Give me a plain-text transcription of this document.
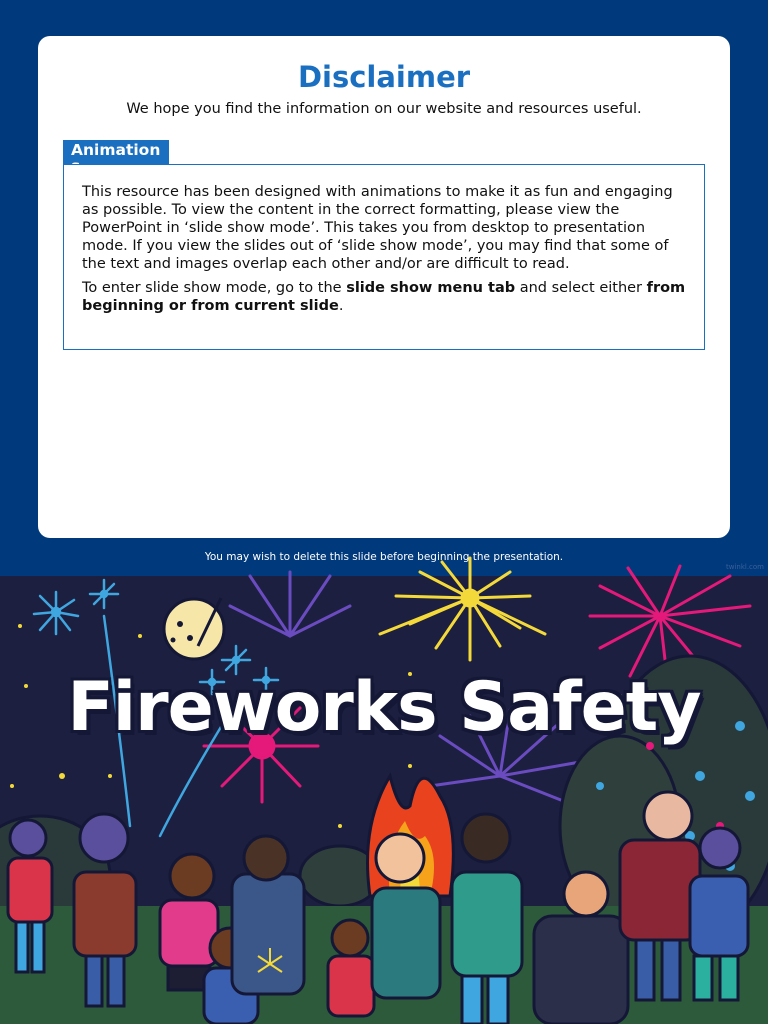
Disclaimer

We hope you find the information on our website and resources useful.

Animations

This resource has been designed with animations to make it as fun and engaging as possible. To view the content in the correct formatting, please view the PowerPoint in ‘slide show mode’. This takes you from desktop to presentation mode. If you view the slides out of ‘slide show mode’, you may find that some of the text and images overlap each other and/or are difficult to read.

To enter slide show mode, go to the slide show menu tab and select either from beginning or from current slide.

You may wish to delete this slide before beginning the presentation.
twinkl.com
Fireworks Safety
